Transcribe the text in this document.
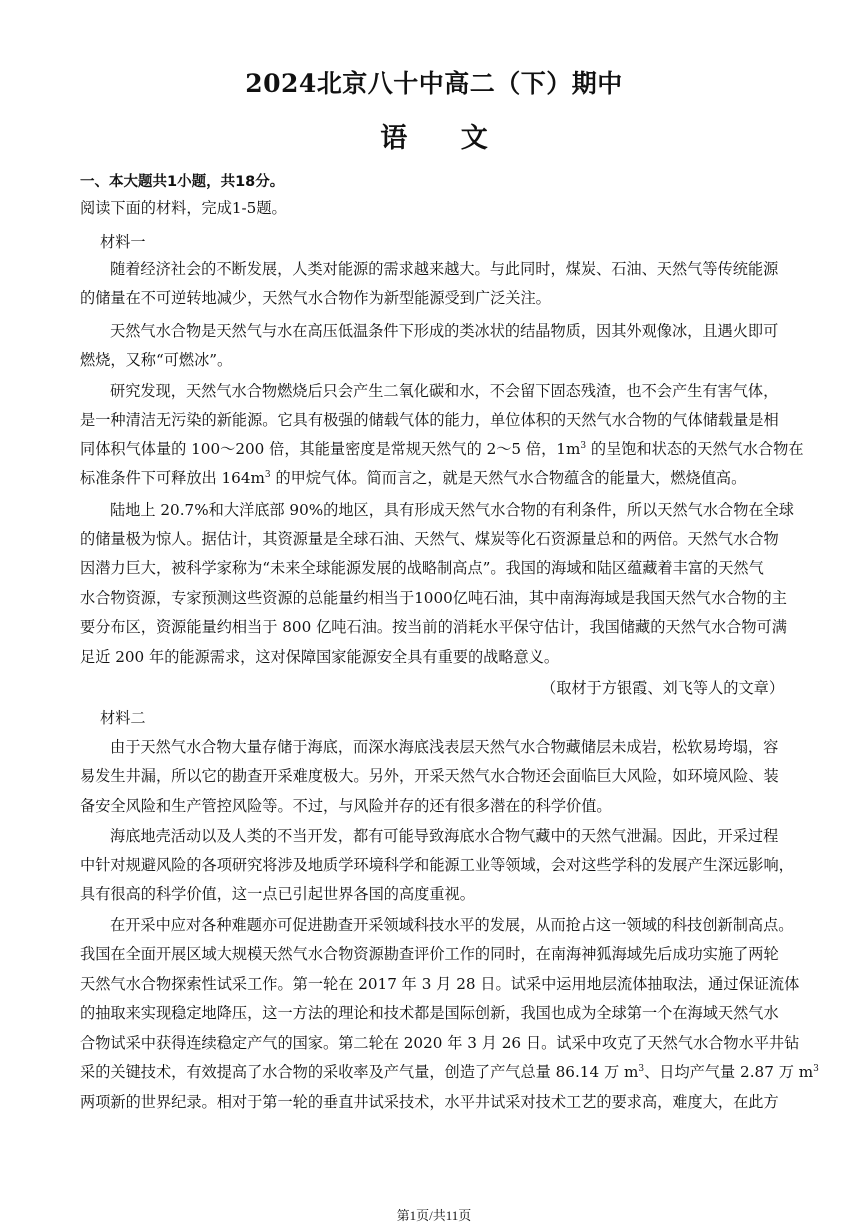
2024北京八十中高二（下）期中
语 文
一、本大题共1小题，共18分。
阅读下面的材料，完成1-5题。
材料一
随着经济社会的不断发展，人类对能源的需求越来越大。与此同时，煤炭、石油、天然气等传统能源
的储量在不可逆转地减少，天然气水合物作为新型能源受到广泛关注。
天然气水合物是天然气与水在高压低温条件下形成的类冰状的结晶物质，因其外观像冰，且遇火即可
燃烧，又称“可燃冰”。
研究发现，天然气水合物燃烧后只会产生二氧化碳和水，不会留下固态残渣，也不会产生有害气体，
是一种清洁无污染的新能源。它具有极强的储载气体的能力，单位体积的天然气水合物的气体储载量是相
同体积气体量的 100～200 倍，其能量密度是常规天然气的 2～5 倍，$1m^3$ 的呈饱和状态的天然气水合物在
标准条件下可释放出 $164m^3$ 的甲烷气体。简而言之，就是天然气水合物蕴含的能量大，燃烧值高。
陆地上 20.7%和大洋底部 90%的地区，具有形成天然气水合物的有利条件，所以天然气水合物在全球
的储量极为惊人。据估计，其资源量是全球石油、天然气、煤炭等化石资源量总和的两倍。天然气水合物
因潜力巨大，被科学家称为“未来全球能源发展的战略制高点”。我国的海域和陆区蕴藏着丰富的天然气
水合物资源，专家预测这些资源的总能量约相当于1000亿吨石油，其中南海海域是我国天然气水合物的主
要分布区，资源能量约相当于 800 亿吨石油。按当前的消耗水平保守估计，我国储藏的天然气水合物可满
足近 200 年的能源需求，这对保障国家能源安全具有重要的战略意义。
（取材于方银霞、刘飞等人的文章）
材料二
由于天然气水合物大量存储于海底，而深水海底浅表层天然气水合物藏储层未成岩，松软易垮塌，容
易发生井漏，所以它的勘查开采难度极大。另外，开采天然气水合物还会面临巨大风险，如环境风险、装
备安全风险和生产管控风险等。不过，与风险并存的还有很多潜在的科学价值。
海底地壳活动以及人类的不当开发，都有可能导致海底水合物气藏中的天然气泄漏。因此，开采过程
中针对规避风险的各项研究将涉及地质学环境科学和能源工业等领域，会对这些学科的发展产生深远影响，
具有很高的科学价值，这一点已引起世界各国的高度重视。
在开采中应对各种难题亦可促进勘查开采领域科技水平的发展，从而抢占这一领域的科技创新制高点。
我国在全面开展区域大规模天然气水合物资源勘查评价工作的同时，在南海神狐海域先后成功实施了两轮
天然气水合物探索性试采工作。第一轮在 2017 年 3 月 28 日。试采中运用地层流体抽取法，通过保证流体
的抽取来实现稳定地降压，这一方法的理论和技术都是国际创新，我国也成为全球第一个在海域天然气水
合物试采中获得连续稳定产气的国家。第二轮在 2020 年 3 月 26 日。试采中攻克了天然气水合物水平井钻
采的关键技术，有效提高了水合物的采收率及产气量，创造了产气总量 86.14 万 $m^3$、日均产气量 2.87 万 $m^3$
两项新的世界纪录。相对于第一轮的垂直井试采技术，水平井试采对技术工艺的要求高，难度大，在此方
第1页/共11页
